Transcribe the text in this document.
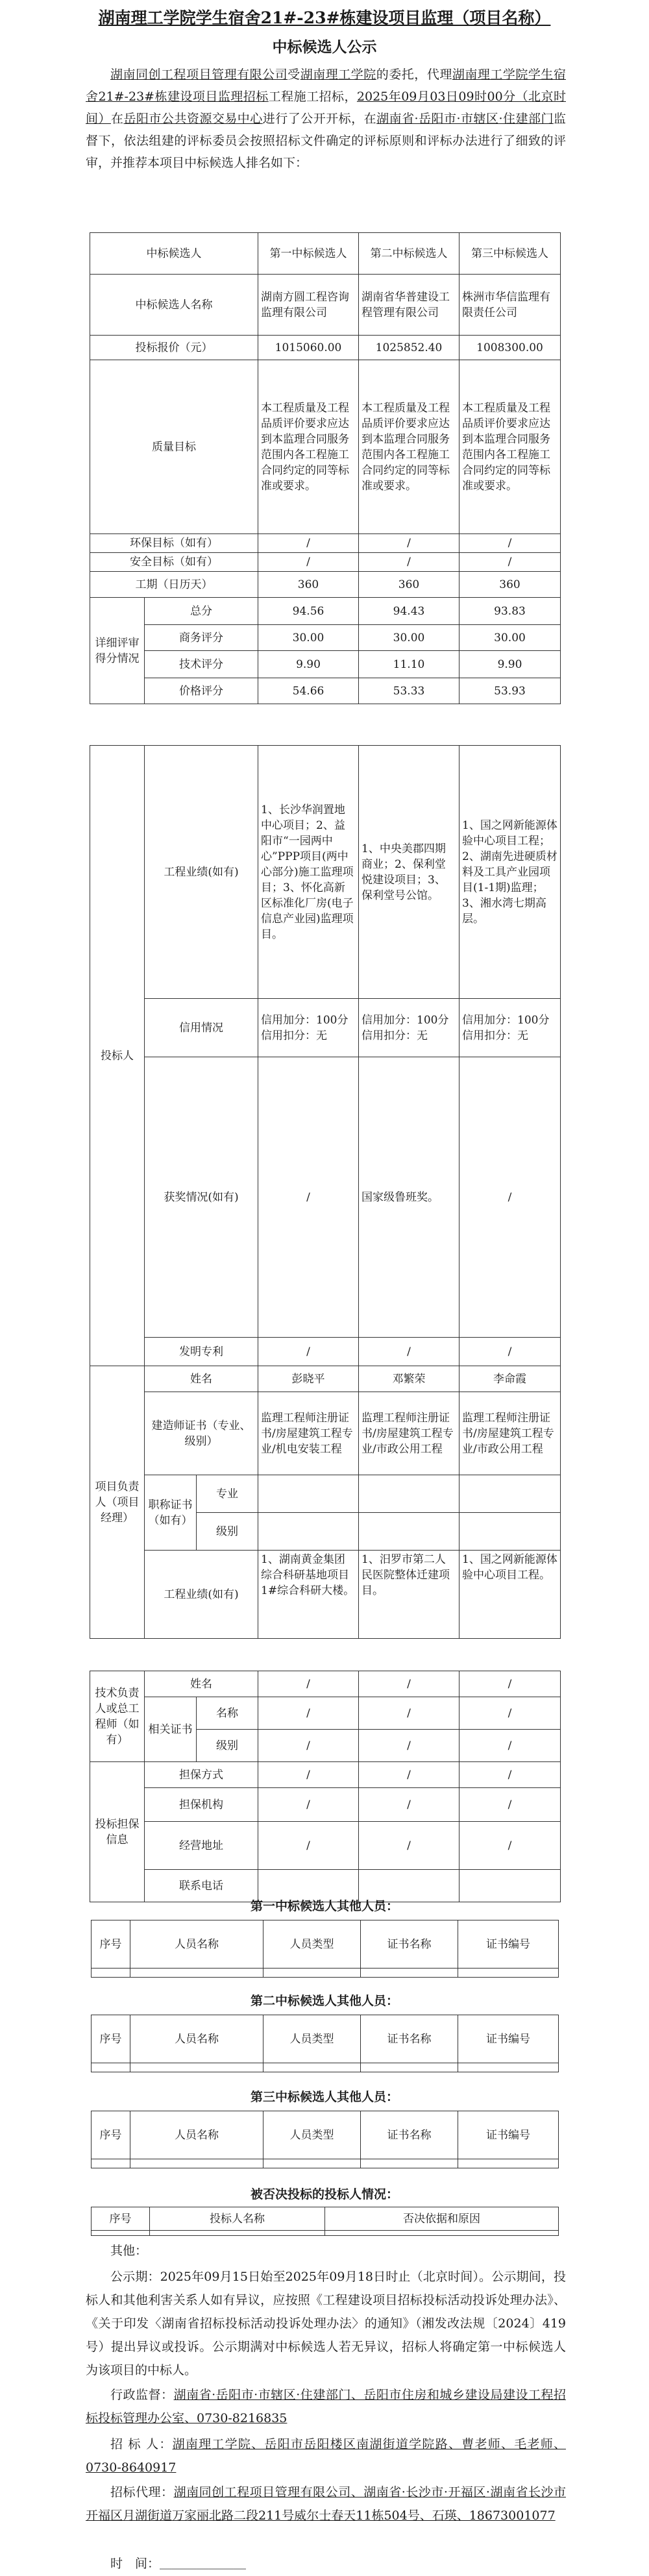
湖南理工学院学生宿舍21#-23#栋建设项目监理（项目名称）
中标候选人公示
湖南同创工程项目管理有限公司受湖南理工学院的委托，代理湖南理工学院学生宿舍21#-23#栋建设项目监理招标工程施工招标，2025年09月03日09时00分（北京时间）在岳阳市公共资源交易中心进行了公开开标，在湖南省·岳阳市·市辖区·住建部门监督下，依法组建的评标委员会按照招标文件确定的评标原则和评标办法进行了细致的评审，并推荐本项目中标候选人排名如下：
中标候选人		第一中标候选人	第二中标候选人	第三中标候选人
中标候选人名称		湖南方圆工程咨询监理有限公司	湖南省华普建设工程管理有限公司	株洲市华信监理有限责任公司
投标报价（元）		1015060.00	1025852.40	1008300.00
质量目标		本工程质量及工程品质评价要求应达到本监理合同服务范围内各工程施工合同约定的同等标准或要求。	本工程质量及工程品质评价要求应达到本监理合同服务范围内各工程施工合同约定的同等标准或要求。	本工程质量及工程品质评价要求应达到本监理合同服务范围内各工程施工合同约定的同等标准或要求。
环保目标（如有）		/	/	/
安全目标（如有）		/	/	/
工期（日历天）		360	360	360
详细评审得分情况	总分	94.56	94.43	93.83
	商务评分	30.00	30.00	30.00
	技术评分	9.90	11.10	9.90
	价格评分	54.66	53.33	53.93
投标人	工程业绩(如有)		1、长沙华润置地中心项目；2、益阳市“一园两中心”PPP项目(两中心部分)施工监理项目；3、怀化高新区标准化厂房(电子信息产业园)监理项目。	1、中央美郡四期商业；2、保利堂悦建设项目；3、保利堂号公馆。	1、国之网新能源体验中心项目工程；2、湖南先进硬质材料及工具产业园项目(1-1期)监理；3、湘水湾七期高层。
	信用情况		信用加分：100分 信用扣分：无	信用加分：100分 信用扣分：无	信用加分：100分 信用扣分：无
	获奖情况(如有)		/	国家级鲁班奖。	/
	发明专利		/	/	/
项目负责人（项目经理）	姓名		彭晓平	邓繁荣	李命霞
	建造师证书（专业、级别）		监理工程师注册证书/房屋建筑工程专业/机电安装工程	监理工程师注册证书/房屋建筑工程专业/市政公用工程	监理工程师注册证书/房屋建筑工程专业/市政公用工程
	职称证书（如有）	专业			
		级别			
	工程业绩(如有)		1、湖南黄金集团综合科研基地项目1#综合科研大楼。	1、汨罗市第二人民医院整体迁建项目。	1、国之网新能源体验中心项目工程。
技术负责人或总工程师（如有）	姓名		/	/	/
	相关证书	名称	/	/	/
		级别	/	/	/
投标担保信息	担保方式		/	/	/
	担保机构		/	/	/
	经营地址		/	/	/
	联系电话				
第一中标候选人其他人员：
序号	人员名称	人员类型	证书名称	证书编号

第二中标候选人其他人员：
序号	人员名称	人员类型	证书名称	证书编号

第三中标候选人其他人员：
序号	人员名称	人员类型	证书名称	证书编号

被否决投标的投标人情况：
序号	投标人名称	否决依据和原因

其他：
公示期：2025年09月15日始至2025年09月18日时止（北京时间）。公示期间，投标人和其他利害关系人如有异议，应按照《工程建设项目招标投标活动投诉处理办法》、《关于印发〈湖南省招标投标活动投诉处理办法〉的通知》（湘发改法规〔2024〕419号）提出异议或投诉。公示期满对中标候选人若无异议，招标人将确定第一中标候选人为该项目的中标人。
行政监督：湖南省·岳阳市·市辖区·住建部门、岳阳市住房和城乡建设局建设工程招标投标管理办公室、0730-8216835
招 标 人：湖南理工学院、岳阳市岳阳楼区南湖街道学院路、曹老师、毛老师、0730-8640917
招标代理：湖南同创工程项目管理有限公司、湖南省·长沙市·开福区·湖南省长沙市开福区月湖街道万家丽北路二段211号威尔士春天11栋504号、石瑛、18673001077
时　间：＿＿＿＿＿＿＿
